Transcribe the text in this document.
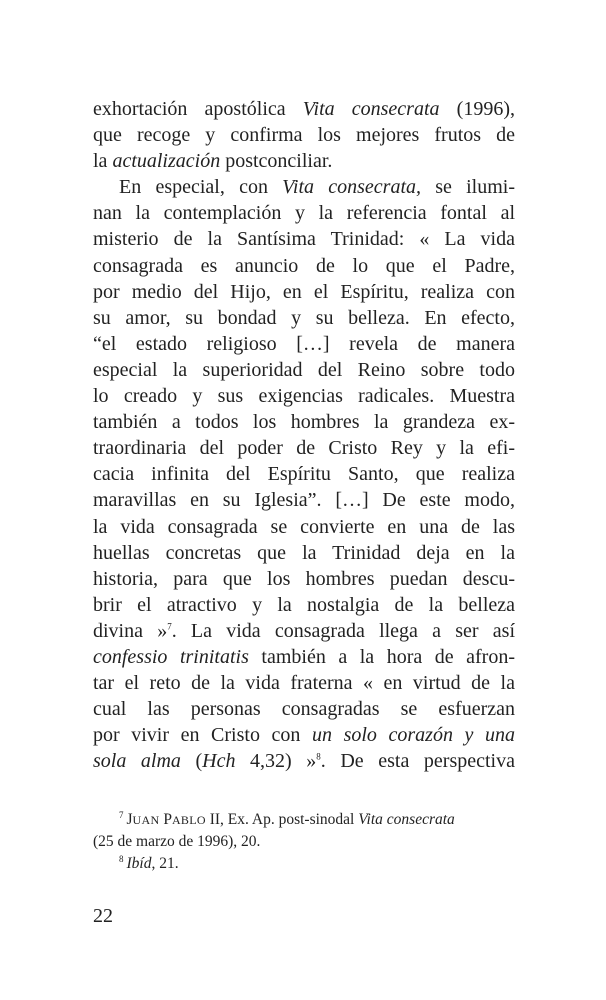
exhortación apostólica Vita consecrata (1996),
que recoge y confirma los mejores frutos de
la actualización postconciliar.
En especial, con Vita consecrata, se ilumi-
nan la contemplación y la referencia fontal al
misterio de la Santísima Trinidad: « La vida
consagrada es anuncio de lo que el Padre,
por medio del Hijo, en el Espíritu, realiza con
su amor, su bondad y su belleza. En efecto,
“el estado religioso […] revela de manera
especial la superioridad del Reino sobre todo
lo creado y sus exigencias radicales. Muestra
también a todos los hombres la grandeza ex-
traordinaria del poder de Cristo Rey y la efi-
cacia infinita del Espíritu Santo, que realiza
maravillas en su Iglesia”. […] De este modo,
la vida consagrada se convierte en una de las
huellas concretas que la Trinidad deja en la
historia, para que los hombres puedan descu-
brir el atractivo y la nostalgia de la belleza
divina »$^7$. La vida consagrada llega a ser así
confessio trinitatis también a la hora de afron-
tar el reto de la vida fraterna « en virtud de la
cual las personas consagradas se esfuerzan
por vivir en Cristo con un solo corazón y una
sola alma (Hch 4,32) »$^8$. De esta perspectiva
$^7$ JUAN PABLO II, Ex. Ap. post-sinodal Vita consecrata
(25 de marzo de 1996), 20.
$^8$ Ibíd, 21.
22
